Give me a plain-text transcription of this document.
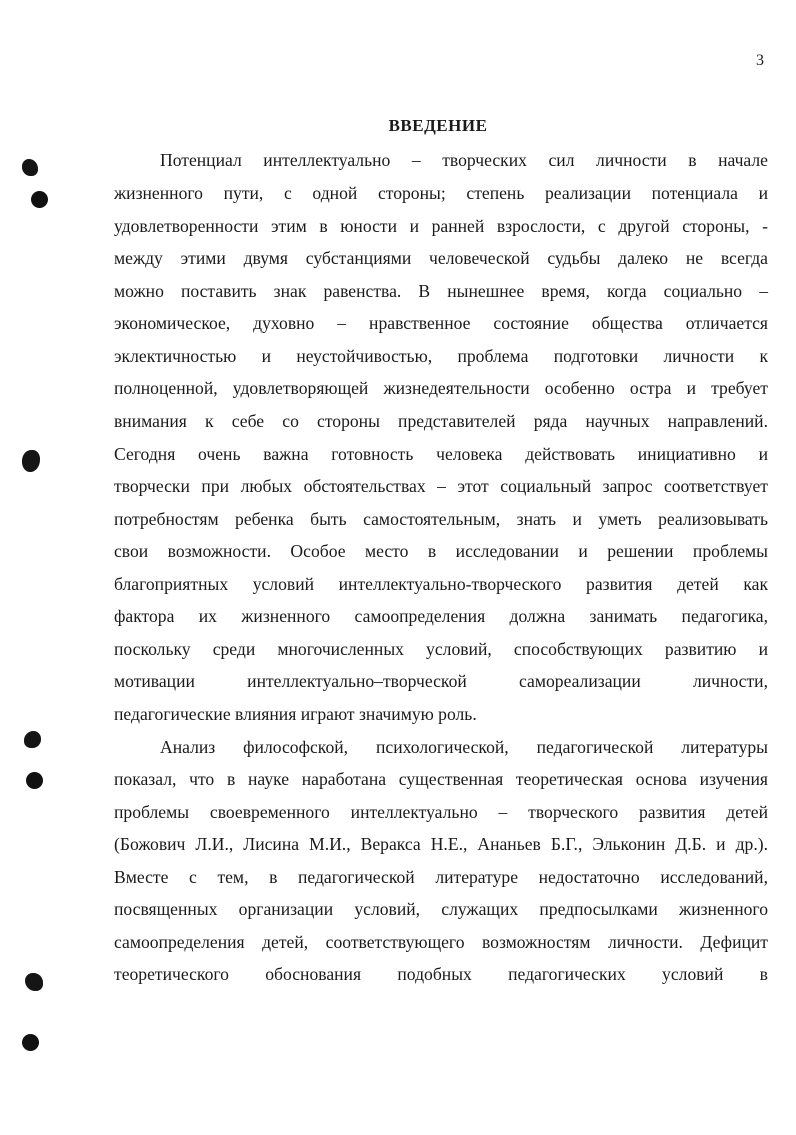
3
ВВЕДЕНИЕ
Потенциал интеллектуально – творческих сил личности в начале
жизненного пути, с одной стороны; степень реализации потенциала и
удовлетворенности этим в юности и ранней взрослости, с другой стороны, -
между этими двумя субстанциями человеческой судьбы далеко не всегда
можно поставить знак равенства. В нынешнее время, когда социально –
экономическое, духовно – нравственное состояние общества отличается
эклектичностью и неустойчивостью, проблема подготовки личности к
полноценной, удовлетворяющей жизнедеятельности особенно остра и требует
внимания к себе со стороны представителей ряда научных направлений.
Сегодня очень важна готовность человека действовать инициативно и
творчески при любых обстоятельствах – этот социальный запрос соответствует
потребностям ребенка быть самостоятельным, знать и уметь реализовывать
свои возможности. Особое место в исследовании и решении проблемы
благоприятных условий интеллектуально-творческого развития детей как
фактора их жизненного самоопределения должна занимать педагогика,
поскольку среди многочисленных условий, способствующих развитию и
мотивации интеллектуально–творческой самореализации личности,
педагогические влияния играют значимую роль.
Анализ философской, психологической, педагогической литературы
показал, что в науке наработана существенная теоретическая основа изучения
проблемы своевременного интеллектуально – творческого развития детей
(Божович Л.И., Лисина М.И., Веракса Н.Е., Ананьев Б.Г., Эльконин Д.Б. и др.).
Вместе с тем, в педагогической литературе недостаточно исследований,
посвященных организации условий, служащих предпосылками жизненного
самоопределения детей, соответствующего возможностям личности. Дефицит
теоретического обоснования подобных педагогических условий в
